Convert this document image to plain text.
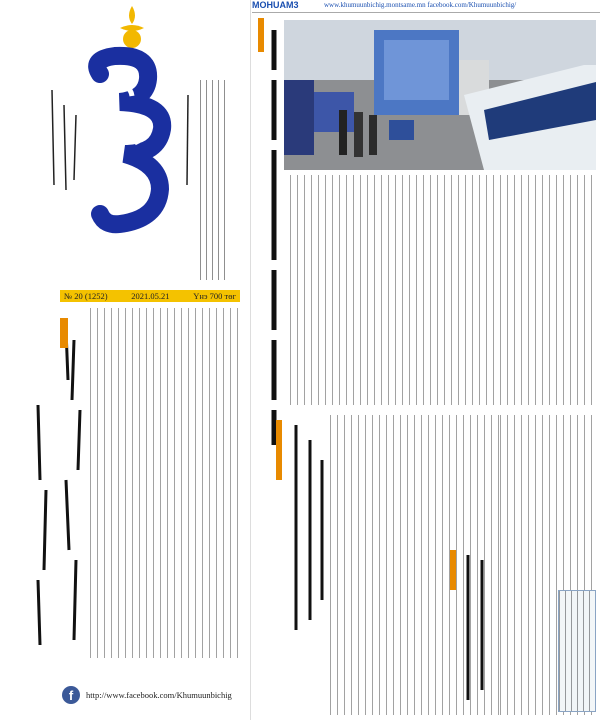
№ 20 (1252)	2021.05.21	Үнэ 700 төг
f	http://www.facebook.com/Khumuunbichig
MOHUAM3	www.khumuunbichig.montsame.mn facebook.com/Khumuunbichig/
